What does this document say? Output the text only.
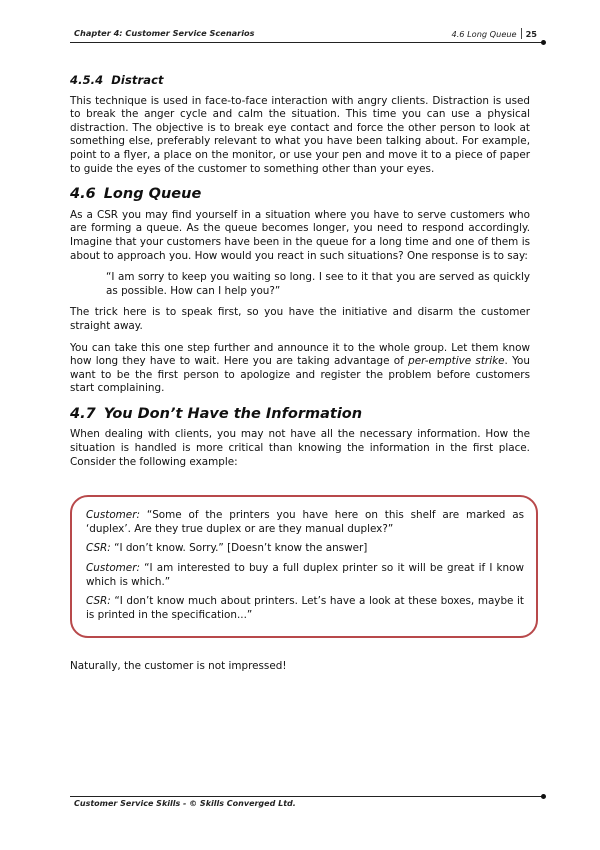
Chapter 4: Customer Service Scenarios	4.6 Long Queue 25
4.5.4 Distract

This technique is used in face-to-face interaction with angry clients. Distraction is used to break the anger cycle and calm the situation. This time you can use a physical distraction. The objective is to break eye contact and force the other person to look at something else, preferably relevant to what you have been talking about. For example, point to a flyer, a place on the monitor, or use your pen and move it to a piece of paper to guide the eyes of the customer to something other than your eyes.

4.6 Long Queue

As a CSR you may find yourself in a situation where you have to serve customers who are forming a queue. As the queue becomes longer, you need to respond accordingly. Imagine that your customers have been in the queue for a long time and one of them is about to approach you. How would you react in such situations? One response is to say:

“I am sorry to keep you waiting so long. I see to it that you are served as quickly as possible. How can I help you?”

The trick here is to speak first, so you have the initiative and disarm the customer straight away.

You can take this one step further and announce it to the whole group. Let them know how long they have to wait. Here you are taking advantage of per-emptive strike. You want to be the first person to apologize and register the problem before customers start complaining.

4.7 You Don’t Have the Information

When dealing with clients, you may not have all the necessary information. How the situation is handled is more critical than knowing the information in the first place. Consider the following example:

Customer: “Some of the printers you have here on this shelf are marked as ‘duplex’. Are they true duplex or are they manual duplex?”

CSR: “I don’t know. Sorry.” [Doesn’t know the answer]

Customer: “I am interested to buy a full duplex printer so it will be great if I know which is which.”

CSR: “I don’t know much about printers. Let’s have a look at these boxes, maybe it is printed in the specification...”

Naturally, the customer is not impressed!

Customer Service Skills - © Skills Converged Ltd.
